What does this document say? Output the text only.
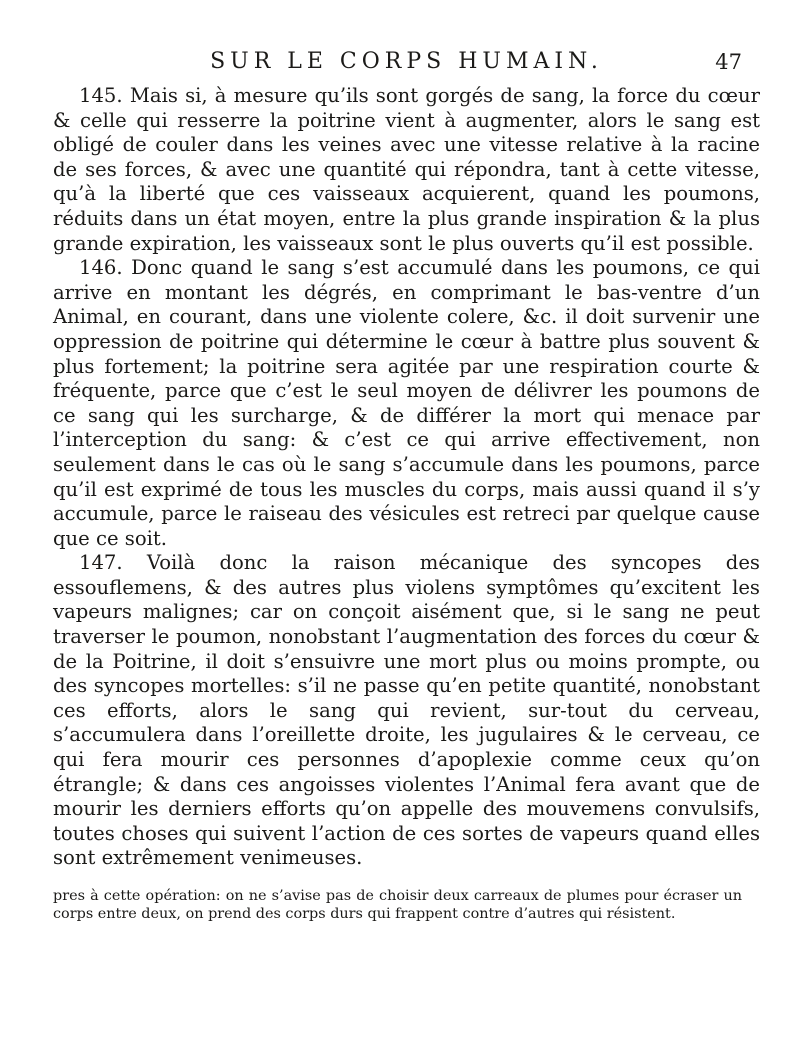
SUR LE CORPS HUMAIN.	47

145. Mais si, à mesure qu’ils sont gorgés de sang, la force du cœur & celle qui resserre la poitrine vient à augmenter, alors le sang est obligé de couler dans les veines avec une vitesse relative à la racine de ses forces, & avec une quantité qui répondra, tant à cette vitesse, qu’à la liberté que ces vaisseaux acquierent, quand les poumons, réduits dans un état moyen, entre la plus grande inspiration & la plus grande expiration, les vaisseaux sont le plus ouverts qu’il est possible.

146. Donc quand le sang s’est accumulé dans les poumons, ce qui arrive en montant les dégrés, en comprimant le bas-ventre d’un Animal, en courant, dans une violente colere, &c. il doit survenir une oppression de poitrine qui détermine le cœur à battre plus souvent & plus fortement; la poitrine sera agitée par une respiration courte & fréquente, parce que c’est le seul moyen de délivrer les poumons de ce sang qui les surcharge, & de différer la mort qui menace par l’interception du sang: & c’est ce qui arrive effectivement, non seulement dans le cas où le sang s’accumule dans les poumons, parce qu’il est exprimé de tous les muscles du corps, mais aussi quand il s’y accumule, parce le raiseau des vésicules est retreci par quelque cause que ce soit.

147. Voilà donc la raison mécanique des syncopes des essouflemens, & des autres plus violens symptômes qu’excitent les vapeurs malignes; car on conçoit aisément que, si le sang ne peut traverser le poumon, nonobstant l’augmentation des forces du cœur & de la Poitrine, il doit s’ensuivre une mort plus ou moins prompte, ou des syncopes mortelles: s’il ne passe qu’en petite quantité, nonobstant ces efforts, alors le sang qui revient, sur-tout du cerveau, s’accumulera dans l’oreillette droite, les jugulaires & le cerveau, ce qui fera mourir ces personnes d’apoplexie comme ceux qu’on étrangle; & dans ces angoisses violentes l’Animal fera avant que de mourir les derniers efforts qu’on appelle des mouvemens convulsifs, toutes choses qui suivent l’action de ces sortes de vapeurs quand elles sont extrêmement venimeuses.

pres à cette opération: on ne s’avise pas de choisir deux carreaux de plumes pour écraser un corps entre deux, on prend des corps durs qui frappent contre d’autres qui résistent.
